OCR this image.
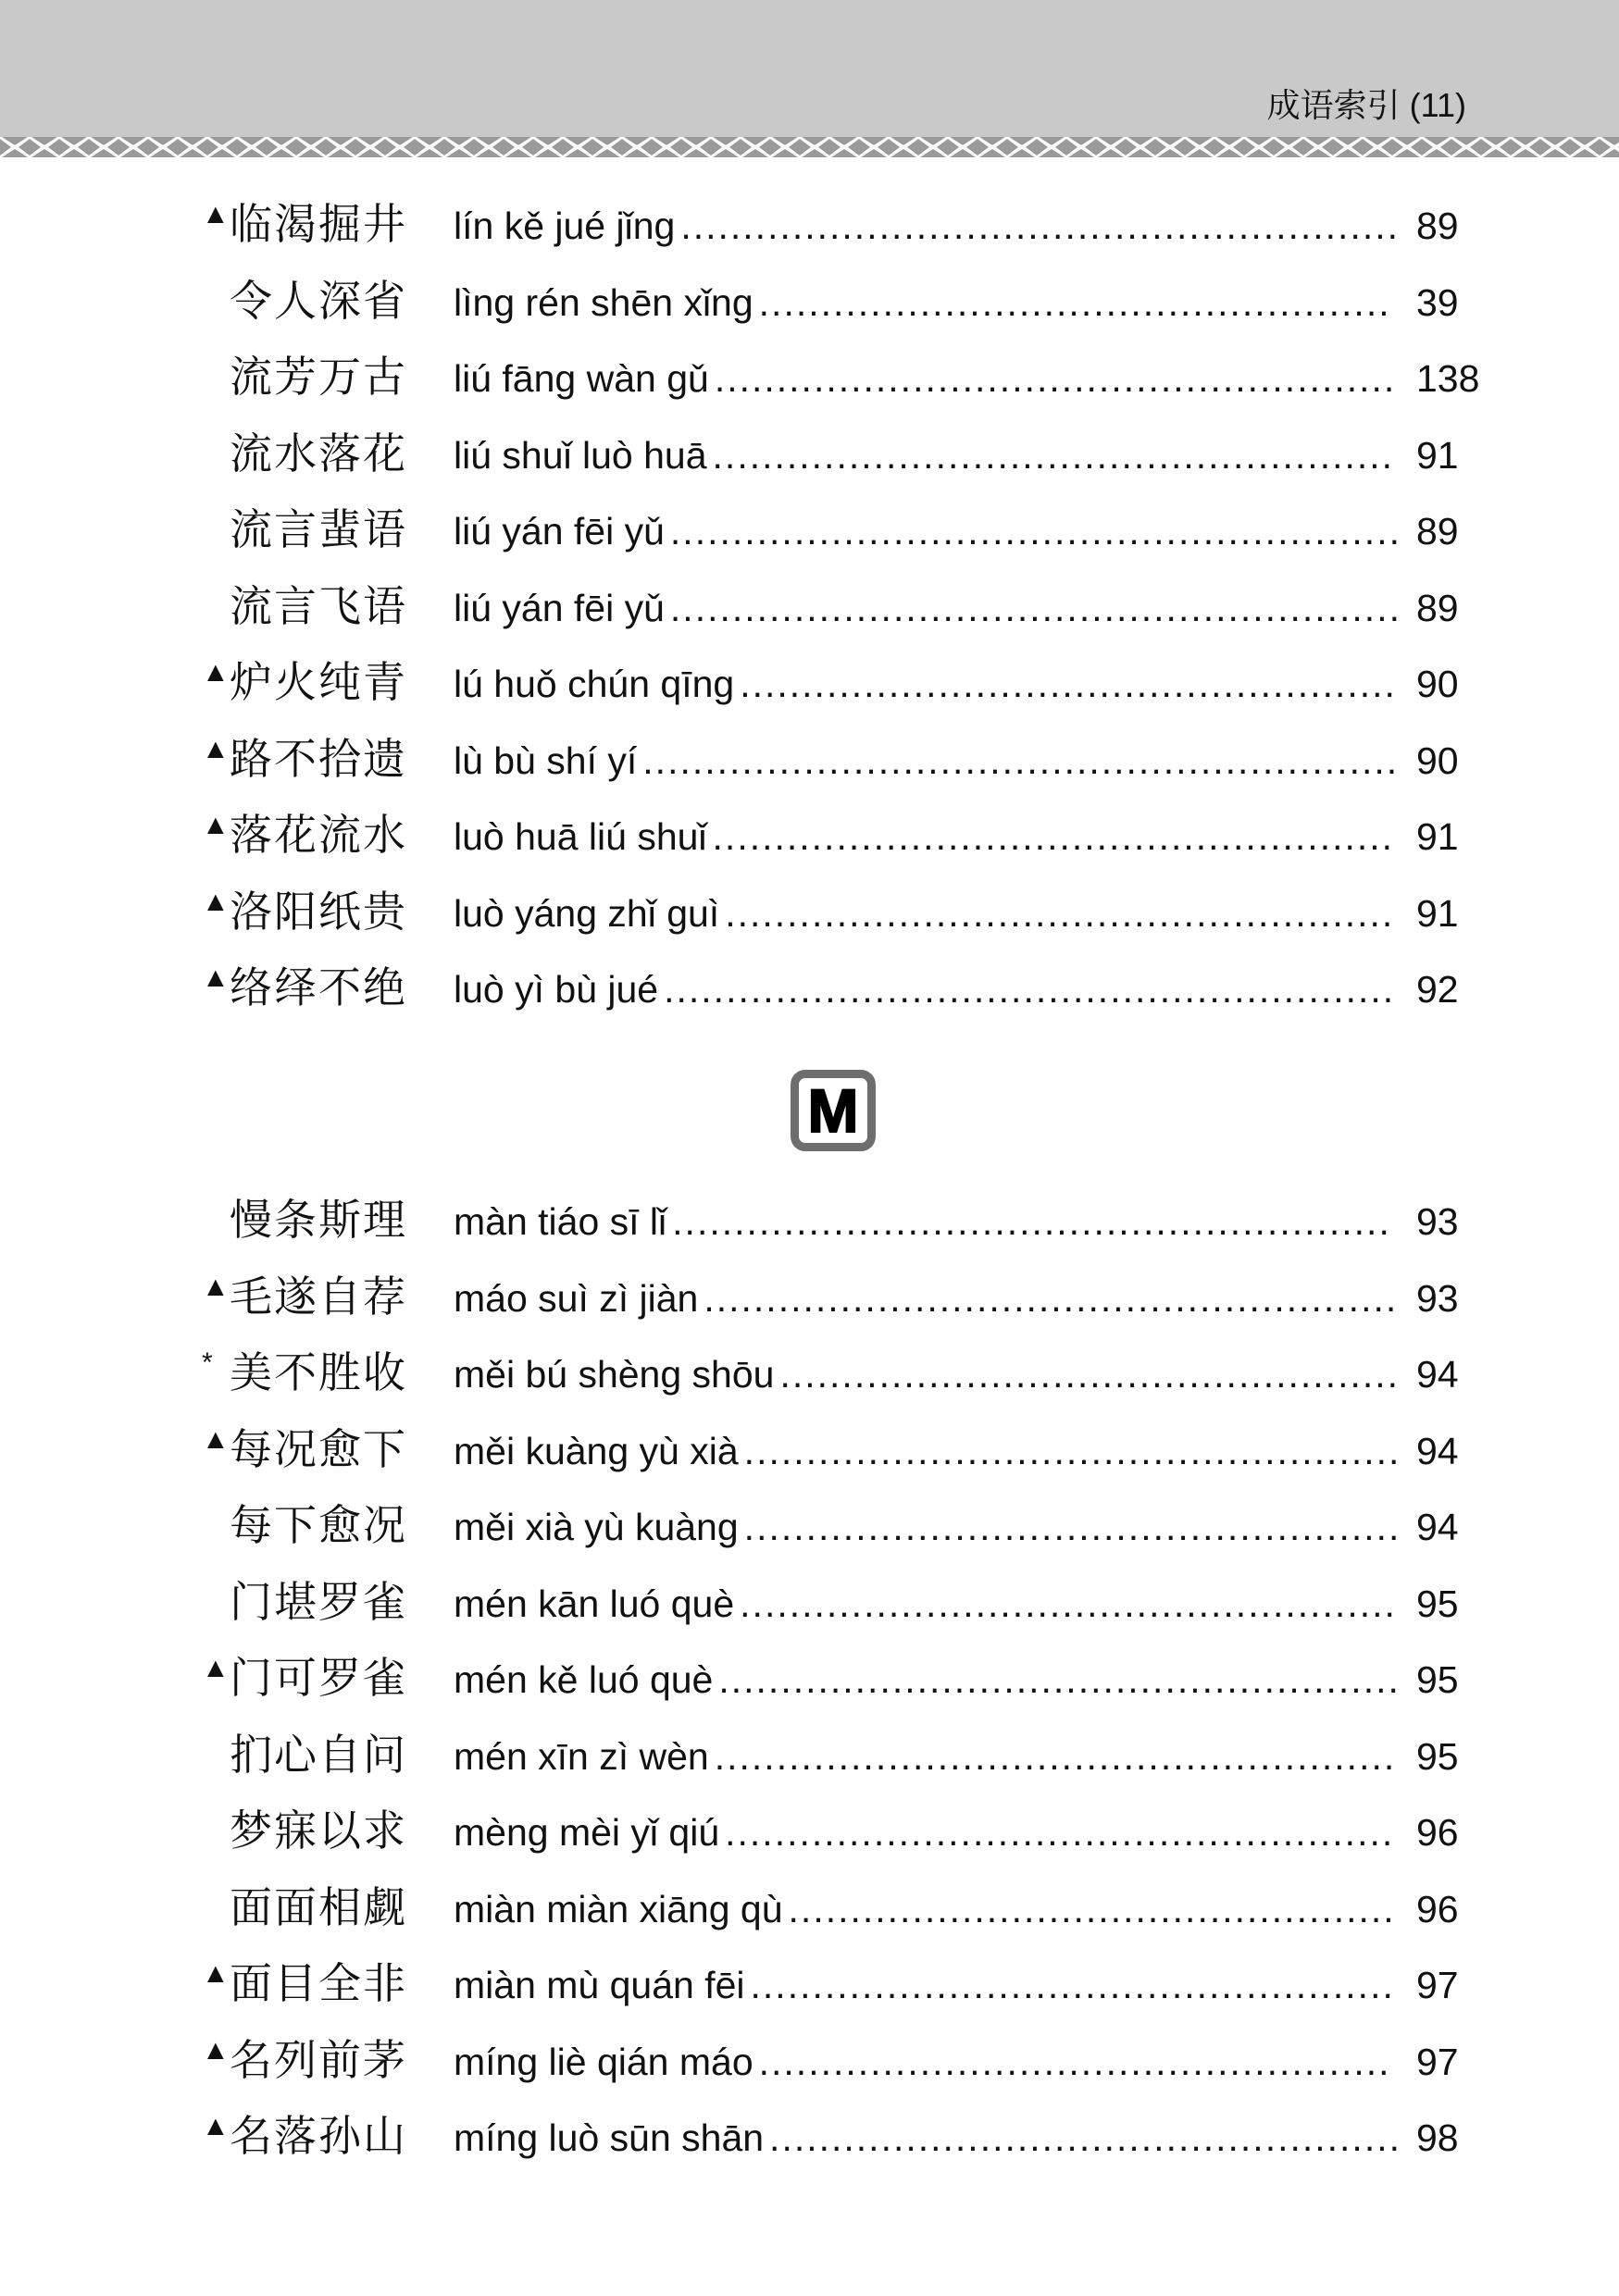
成语索引 (11)
▲ 临渴掘井	lín kě jué jǐng .......................................................... 89
令人深省	lìng rén shēn xǐng ................................................... 39
流芳万古	liú fāng wàn gǔ ....................................................... 138
流水落花	liú shuǐ luò huā ....................................................... 91
流言蜚语	liú yán fēi yǔ ........................................................... 89
流言飞语	liú yán fēi yǔ ........................................................... 89
▲ 炉火纯青	lú huǒ chún qīng ..................................................... 90
▲ 路不拾遗	lù bù shí yí ............................................................. 90
▲ 落花流水	luò huā liú shuǐ ....................................................... 91
▲ 洛阳纸贵	luò yáng zhǐ guì ...................................................... 91
▲ 络绎不绝	luò yì bù jué ........................................................... 92
慢条斯理	màn tiáo sī lǐ .......................................................... 93
▲ 毛遂自荐	máo suì zì jiàn ........................................................ 93
* 美不胜收	měi bú shèng shōu .................................................. 94
▲ 每况愈下	měi kuàng yù xià ..................................................... 94
每下愈况	měi xià yù kuàng ..................................................... 94
门堪罗雀	mén kān luó què ..................................................... 95
▲ 门可罗雀	mén kě luó què ....................................................... 95
扪心自问	mén xīn zì wèn ....................................................... 95
梦寐以求	mèng mèi yǐ qiú ...................................................... 96
面面相觑	miàn miàn xiāng qù ................................................. 96
▲ 面目全非	miàn mù quán fēi .................................................... 97
▲ 名列前茅	míng liè qián máo ................................................... 97
▲ 名落孙山	míng luò sūn shān ................................................... 98
M
